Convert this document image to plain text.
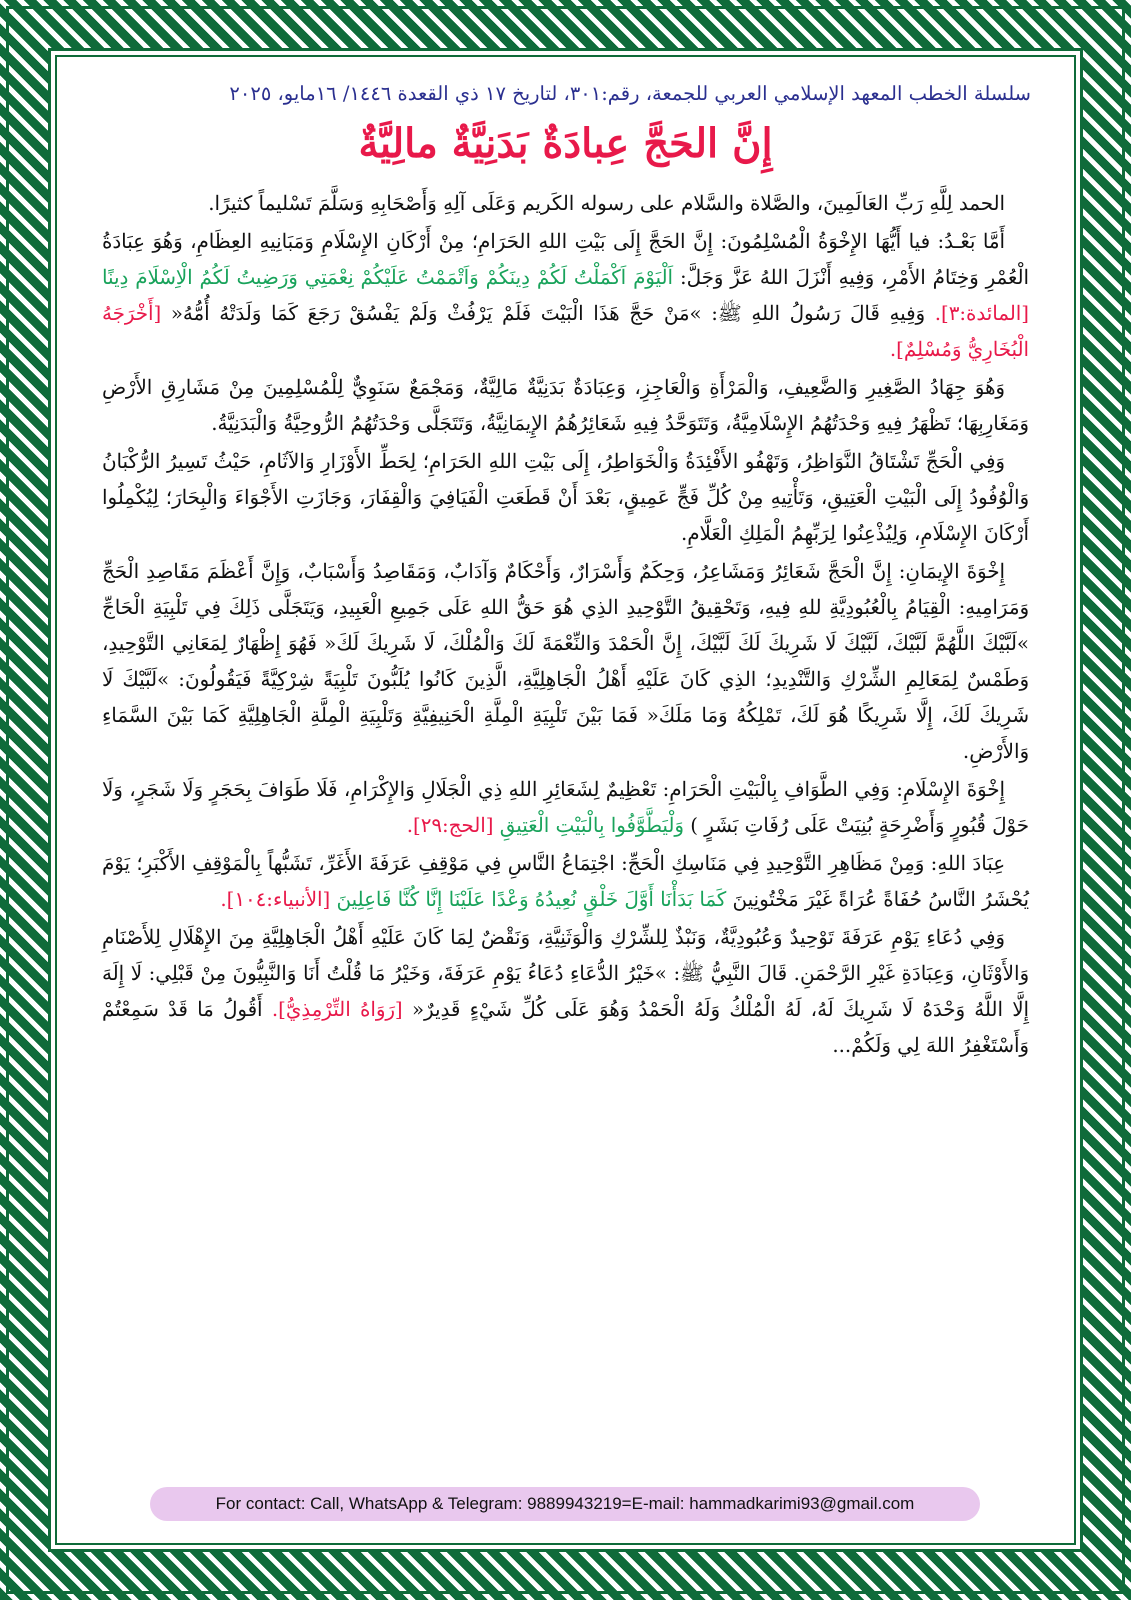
سلسلة الخطب المعهد الإسلامي العربي للجمعة، رقم:٣٠١، لتاريخ ١٧ ذي القعدة ١٤٤٦/ ١٦مايو، ٢٠٢٥
إِنَّ الحَجَّ عِبادَةٌ بَدَنِيَّةٌ مالِيَّةٌ

الحمد لِلَّهِ رَبِّ العَالَمِينَ، والصَّلاة والسَّلام على رسوله الكَريم وَعَلَى آلِهِ وَأَصْحَابِهِ وَسَلَّمَ تَسْليماً كثيرًا.

أَمَّا بَعْـدُ: فيا أَيُّهَا الإِخْوَةُ الْمُسْلِمُونَ: إِنَّ الحَجَّ إِلَى بَيْتِ اللهِ الحَرَامِ؛ مِنْ أَرْكَانِ الإِسْلَامِ وَمَبَانِيهِ العِظَامِ، وَهُوَ عِبَادَةُ الْعُمْرِ وَخِتَامُ الأَمْرِ، وَفِيهِ أَنْزَلَ اللهُ عَزَّ وَجَلَّ: اَلْيَوْمَ اَكْمَلْتُ لَكُمْ دِينَكُمْ وَاَتْمَمْتُ عَلَيْكُمْ نِعْمَتِي وَرَضِيتُ لَكُمُ الْاِسْلَامَ دِينًا [المائدة:٣]. وَفِيهِ قَالَ رَسُولُ اللهِ ﷺ: »مَنْ حَجَّ هَذَا الْبَيْتَ فَلَمْ يَرْفُثْ وَلَمْ يَفْسُقْ رَجَعَ كَمَا وَلَدَتْهُ أُمُّهُ« [أَخْرَجَهُ الْبُخَارِيُّ وَمُسْلِمٌ].

وَهُوَ جِهَادُ الصَّغِيرِ وَالضَّعِيفِ، وَالْمَرْأَةِ وَالْعَاجِزِ، وَعِبَادَةٌ بَدَنِيَّةٌ مَالِيَّةٌ، وَمَجْمَعٌ سَنَوِيٌّ لِلْمُسْلِمِينَ مِنْ مَشَارِقِ الأَرْضِ وَمَغَارِبِهَا؛ تَظْهَرُ فِيهِ وَحْدَتُهُمُ الإِسْلَامِيَّةُ، وَتَتَوَحَّدُ فِيهِ شَعَائِرُهُمُ الإِيمَانِيَّةُ، وَتَتَجَلَّى وَحْدَتُهُمُ الرُّوحِيَّةُ وَالْبَدَنِيَّةُ.

وَفِي الْحَجِّ تَشْتَاقُ النَّوَاظِرُ، وَتَهْفُو الأَفْئِدَةُ وَالْخَوَاطِرُ، إِلَى بَيْتِ اللهِ الحَرَامِ؛ لِحَطِّ الأَوْزَارِ وَالآثَامِ، حَيْثُ تَسِيرُ الرُّكْبَانُ وَالْوُفُودُ إِلَى الْبَيْتِ الْعَتِيقِ، وَتَأْتِيهِ مِنْ كُلِّ فَجٍّ عَمِيقٍ، بَعْدَ أَنْ قَطَعَتِ الْفَيَافِيَ وَالْقِفَارَ، وَجَازَتِ الأَجْوَاءَ وَالْبِحَارَ؛ لِيُكْمِلُوا أَرْكَانَ الإِسْلَامِ، وَلِيُذْعِنُوا لِرَبِّهِمُ الْمَلِكِ الْعَلَّامِ.

إِخْوَةَ الإِيمَانِ: إِنَّ الْحَجَّ شَعَائِرُ وَمَشَاعِرُ، وَحِكَمٌ وَأَسْرَارٌ، وَأَحْكَامٌ وَآدَابٌ، وَمَقَاصِدُ وَأَسْبَابٌ، وَإِنَّ أَعْظَمَ مَقَاصِدِ الْحَجِّ وَمَرَامِيهِ: الْقِيَامُ بِالْعُبُودِيَّةِ للهِ فِيهِ، وَتَحْقِيقُ التَّوْحِيدِ الذِي هُوَ حَقُّ اللهِ عَلَى جَمِيعِ الْعَبِيدِ، وَيَتَجَلَّى ذَلِكَ فِي تَلْبِيَةِ الْحَاجِّ »لَبَّيْكَ اللَّهُمَّ لَبَّيْكَ، لَبَّيْكَ لَا شَرِيكَ لَكَ لَبَّيْكَ، إِنَّ الْحَمْدَ وَالنِّعْمَةَ لَكَ وَالْمُلْكَ، لَا شَرِيكَ لَكَ« فَهُوَ إِظْهَارٌ لِمَعَانِي التَّوْحِيدِ، وَطَمْسٌ لِمَعَالِمِ الشِّرْكِ وَالتَّنْدِيدِ؛ الذِي كَانَ عَلَيْهِ أَهْلُ الْجَاهِلِيَّةِ، الَّذِينَ كَانُوا يُلَبُّونَ تَلْبِيَةً شِرْكِيَّةً فَيَقُولُونَ: »لَبَّيْكَ لَا شَرِيكَ لَكَ، إِلَّا شَرِيكًا هُوَ لَكَ، تَمْلِكُهُ وَمَا مَلَكَ« فَمَا بَيْنَ تَلْبِيَةِ الْمِلَّةِ الْحَنِيفِيَّةِ وَتَلْبِيَةِ الْمِلَّةِ الْجَاهِلِيَّةِ كَمَا بَيْنَ السَّمَاءِ وَالأَرْضِ.

إِخْوَةَ الإِسْلَامِ: وَفِي الطَّوَافِ بِالْبَيْتِ الْحَرَامِ: تَعْظِيمٌ لِشَعَائِرِ اللهِ ذِي الْجَلَالِ وَالإِكْرَامِ، فَلَا طَوَافَ بِحَجَرٍ وَلَا شَجَرٍ، وَلَا حَوْلَ قُبُورٍ وَأَضْرِحَةٍ بُنِيَتْ عَلَى رُفَاتِ بَشَرٍ ) وَلْيَطَّوَّفُوا بِالْبَيْتِ الْعَتِيقِ [الحج:٢٩].

عِبَادَ اللهِ: وَمِنْ مَظَاهِرِ التَّوْحِيدِ فِي مَنَاسِكِ الْحَجِّ: اجْتِمَاعُ النَّاسِ فِي مَوْقِفِ عَرَفَةَ الأَغَرِّ، تَشَبُّهاً بِالْمَوْقِفِ الأَكْبَرِ؛ يَوْمَ يُحْشَرُ النَّاسُ حُفَاةً عُرَاةً غَيْرَ مَخْتُونِينَ كَمَا بَدَأْنَا أَوَّلَ خَلْقٍ نُعِيدُهُ وَعْدًا عَلَيْنَا إِنَّا كُنَّا فَاعِلِينَ [الأنبياء:١٠٤].

وَفِي دُعَاءِ يَوْمِ عَرَفَةَ تَوْحِيدٌ وَعُبُودِيَّةٌ، وَنَبْذٌ لِلشِّرْكِ وَالْوَثَنِيَّةِ، وَنَقْضٌ لِمَا كَانَ عَلَيْهِ أَهْلُ الْجَاهِلِيَّةِ مِنَ الإِهْلَالِ لِلأَصْنَامِ وَالأَوْثَانِ، وَعِبَادَةِ غَيْرِ الرَّحْمَنِ. قَالَ النَّبِيُّ ﷺ: »خَيْرُ الدُّعَاءِ دُعَاءُ يَوْمِ عَرَفَةَ، وَخَيْرُ مَا قُلْتُ أَنَا وَالنَّبِيُّونَ مِنْ قَبْلِي: لَا إِلَهَ إِلَّا اللَّهُ وَحْدَهُ لَا شَرِيكَ لَهُ، لَهُ الْمُلْكُ وَلَهُ الْحَمْدُ وَهُوَ عَلَى كُلِّ شَيْءٍ قَدِيرٌ« [رَوَاهُ التِّرْمِذِيُّ]. أَقُولُ مَا قَدْ سَمِعْتُمْ وَأَسْتَغْفِرُ اللهَ لِي وَلَكُمْ...

For contact: Call, WhatsApp & Telegram: 9889943219=E-mail: hammadkarimi93@gmail.com
